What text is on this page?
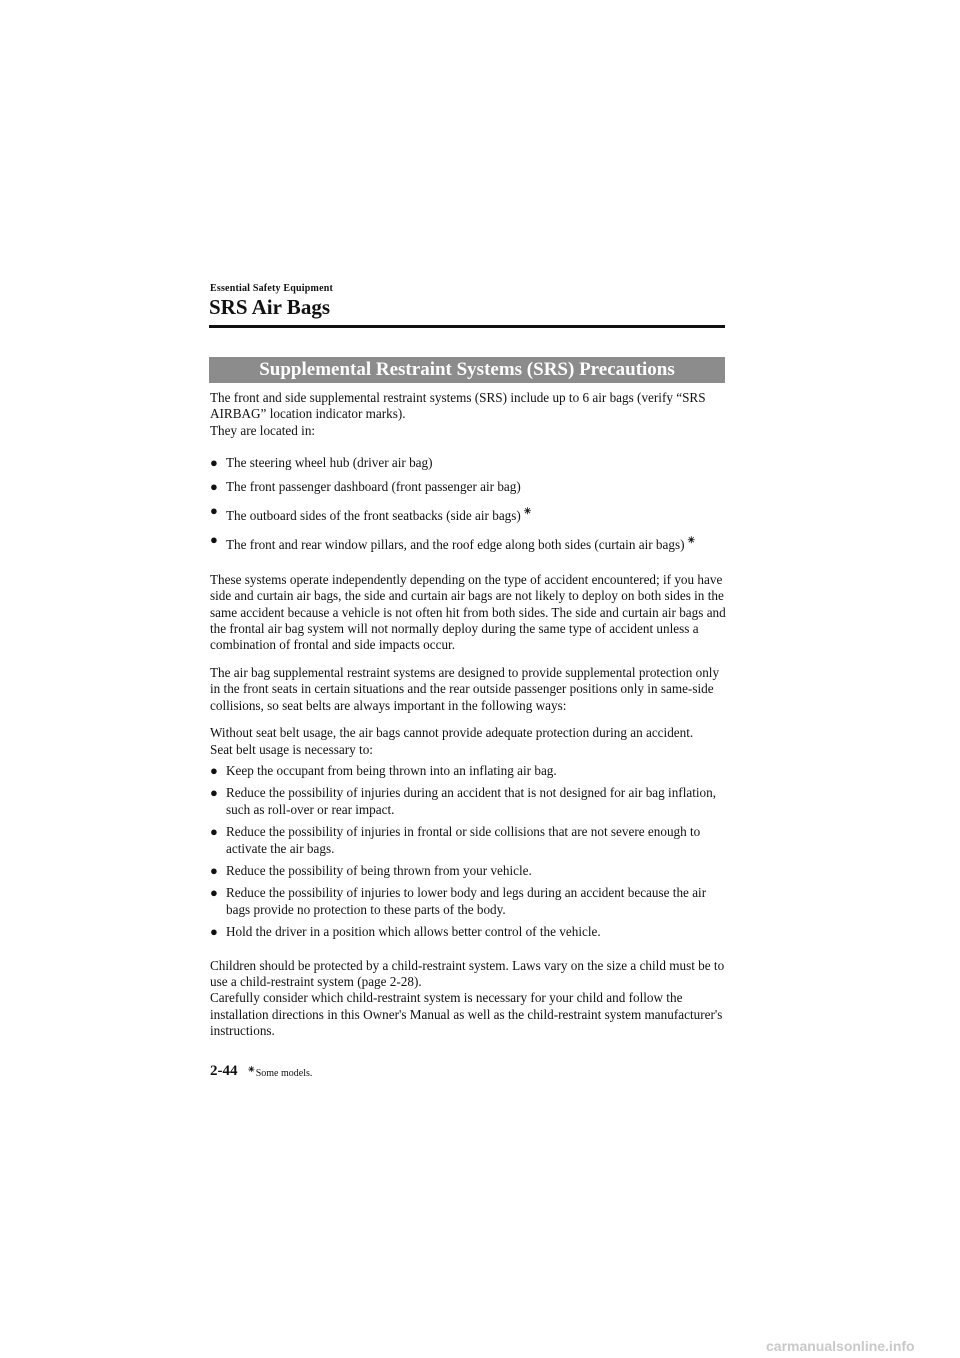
Essential Safety Equipment
SRS Air Bags
Supplemental Restraint Systems (SRS) Precautions

The front and side supplemental restraint systems (SRS) include up to 6 air bags (verify “SRS AIRBAG” location indicator marks).

They are located in:

● The steering wheel hub (driver air bag)
● The front passenger dashboard (front passenger air bag)
● The outboard sides of the front seatbacks (side air bags) ✳
● The front and rear window pillars, and the roof edge along both sides (curtain air bags) ✳

These systems operate independently depending on the type of accident encountered; if you have side and curtain air bags, the side and curtain air bags are not likely to deploy on both sides in the same accident because a vehicle is not often hit from both sides. The side and curtain air bags and the frontal air bag system will not normally deploy during the same type of accident unless a combination of frontal and side impacts occur.

The air bag supplemental restraint systems are designed to provide supplemental protection only in the front seats in certain situations and the rear outside passenger positions only in same-side collisions, so seat belts are always important in the following ways:

Without seat belt usage, the air bags cannot provide adequate protection during an accident.

Seat belt usage is necessary to:

● Keep the occupant from being thrown into an inflating air bag.
● Reduce the possibility of injuries during an accident that is not designed for air bag inflation, such as roll-over or rear impact.
● Reduce the possibility of injuries in frontal or side collisions that are not severe enough to activate the air bags.
● Reduce the possibility of being thrown from your vehicle.
● Reduce the possibility of injuries to lower body and legs during an accident because the air bags provide no protection to these parts of the body.
● Hold the driver in a position which allows better control of the vehicle.

Children should be protected by a child-restraint system. Laws vary on the size a child must be to use a child-restraint system (page 2-28).

Carefully consider which child-restraint system is necessary for your child and follow the installation directions in this Owner's Manual as well as the child-restraint system manufacturer's instructions.

2-44 ✳Some models.
carmanualsonline.info
